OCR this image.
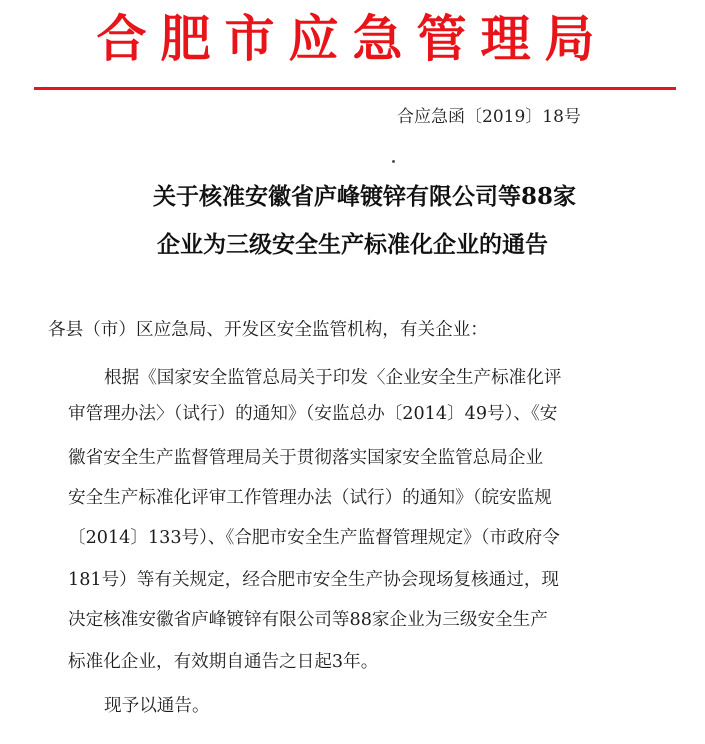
合肥市应急管理局
合应急函〔2019〕18号
关于核准安徽省庐峰镀锌有限公司等88家
企业为三级安全生产标准化企业的通告
各县（市）区应急局、开发区安全监管机构，有关企业：
根据《国家安全监管总局关于印发〈企业安全生产标准化评
审管理办法〉（试行）的通知》（安监总办〔2014〕49号）、《安
徽省安全生产监督管理局关于贯彻落实国家安全监管总局企业
安全生产标准化评审工作管理办法（试行）的通知》（皖安监规
〔2014〕133号）、《合肥市安全生产监督管理规定》（市政府令
181号）等有关规定，经合肥市安全生产协会现场复核通过，现
决定核准安徽省庐峰镀锌有限公司等88家企业为三级安全生产
标准化企业，有效期自通告之日起3年。
现予以通告。
